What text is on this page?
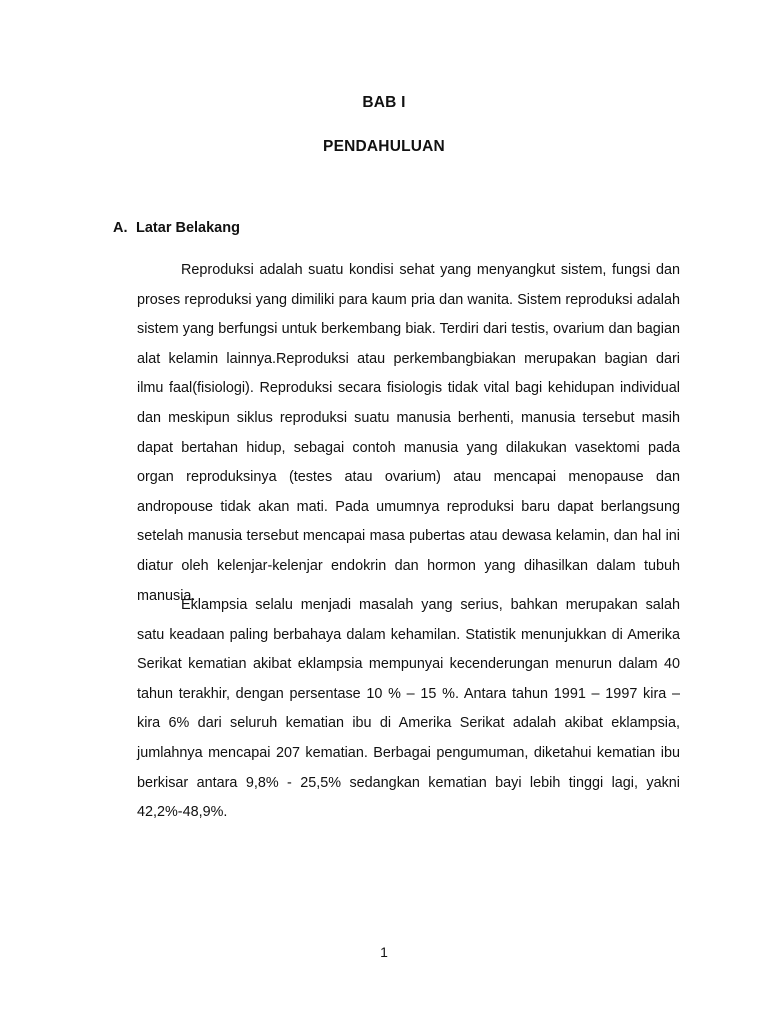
BAB I
PENDAHULUAN
A. Latar Belakang

Reproduksi adalah suatu kondisi sehat yang menyangkut sistem, fungsi dan proses reproduksi yang dimiliki para kaum pria dan wanita. Sistem reproduksi adalah sistem yang berfungsi untuk berkembang biak. Terdiri dari testis, ovarium dan bagian alat kelamin lainnya.Reproduksi atau perkembangbiakan merupakan bagian dari ilmu faal(fisiologi). Reproduksi secara fisiologis tidak vital bagi kehidupan individual dan meskipun siklus reproduksi suatu manusia berhenti, manusia tersebut masih dapat bertahan hidup, sebagai contoh manusia yang dilakukan vasektomi pada organ reproduksinya (testes atau ovarium) atau mencapai menopause dan andropouse tidak akan mati. Pada umumnya reproduksi baru dapat berlangsung setelah manusia tersebut mencapai masa pubertas atau dewasa kelamin, dan hal ini diatur oleh kelenjar-kelenjar endokrin dan hormon yang dihasilkan dalam tubuh manusia.

Eklampsia selalu menjadi masalah yang serius, bahkan merupakan salah satu keadaan paling berbahaya dalam kehamilan. Statistik menunjukkan di Amerika Serikat kematian akibat eklampsia mempunyai kecenderungan menurun dalam 40 tahun terakhir, dengan persentase 10 % – 15 %. Antara tahun 1991 – 1997 kira – kira 6% dari seluruh kematian ibu di Amerika Serikat adalah akibat eklampsia, jumlahnya mencapai 207 kematian. Berbagai pengumuman, diketahui kematian ibu berkisar antara 9,8% - 25,5% sedangkan kematian bayi lebih tinggi lagi, yakni 42,2%-48,9%.

1
